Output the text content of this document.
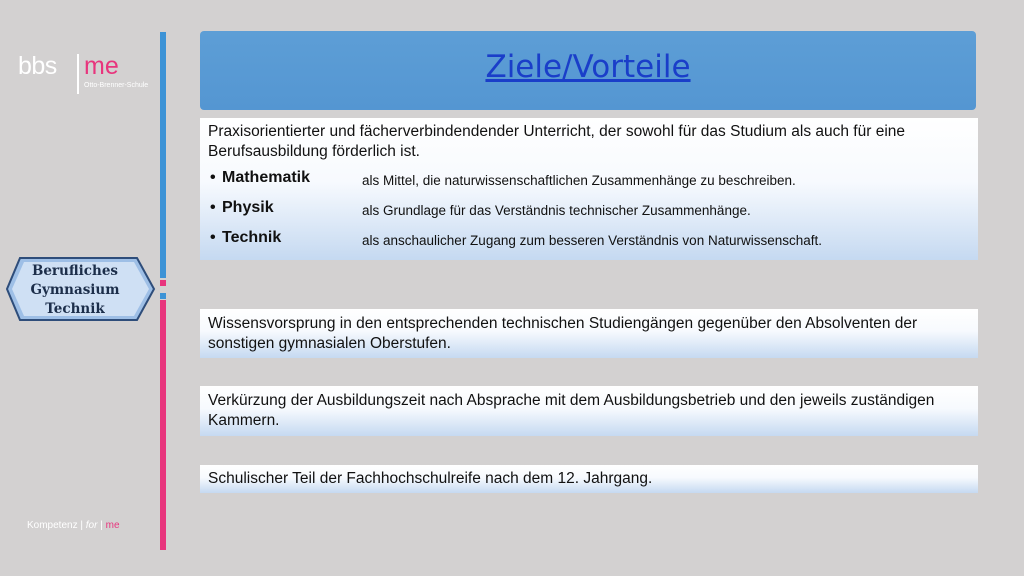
bbs me
Otto-Brenner-Schule
Berufliches
Gymnasium
Technik
Ziele/Vorteile
Praxisorientierter und fächerverbindendender Unterricht, der sowohl für das Studium als auch für eine Berufsausbildung förderlich ist.
• Mathematik	als Mittel, die naturwissenschaftlichen Zusammenhänge zu beschreiben.
• Physik	als Grundlage für das Verständnis technischer Zusammenhänge.
• Technik	als anschaulicher Zugang zum besseren Verständnis von Naturwissenschaft.
Wissensvorsprung in den entsprechenden technischen Studiengängen gegenüber den Absolventen der sonstigen gymnasialen Oberstufen.
Verkürzung der Ausbildungszeit nach Absprache mit dem Ausbildungsbetrieb und den jeweils zuständigen Kammern.
Schulischer Teil der Fachhochschulreife nach dem 12. Jahrgang.
Kompetenz | for | me
